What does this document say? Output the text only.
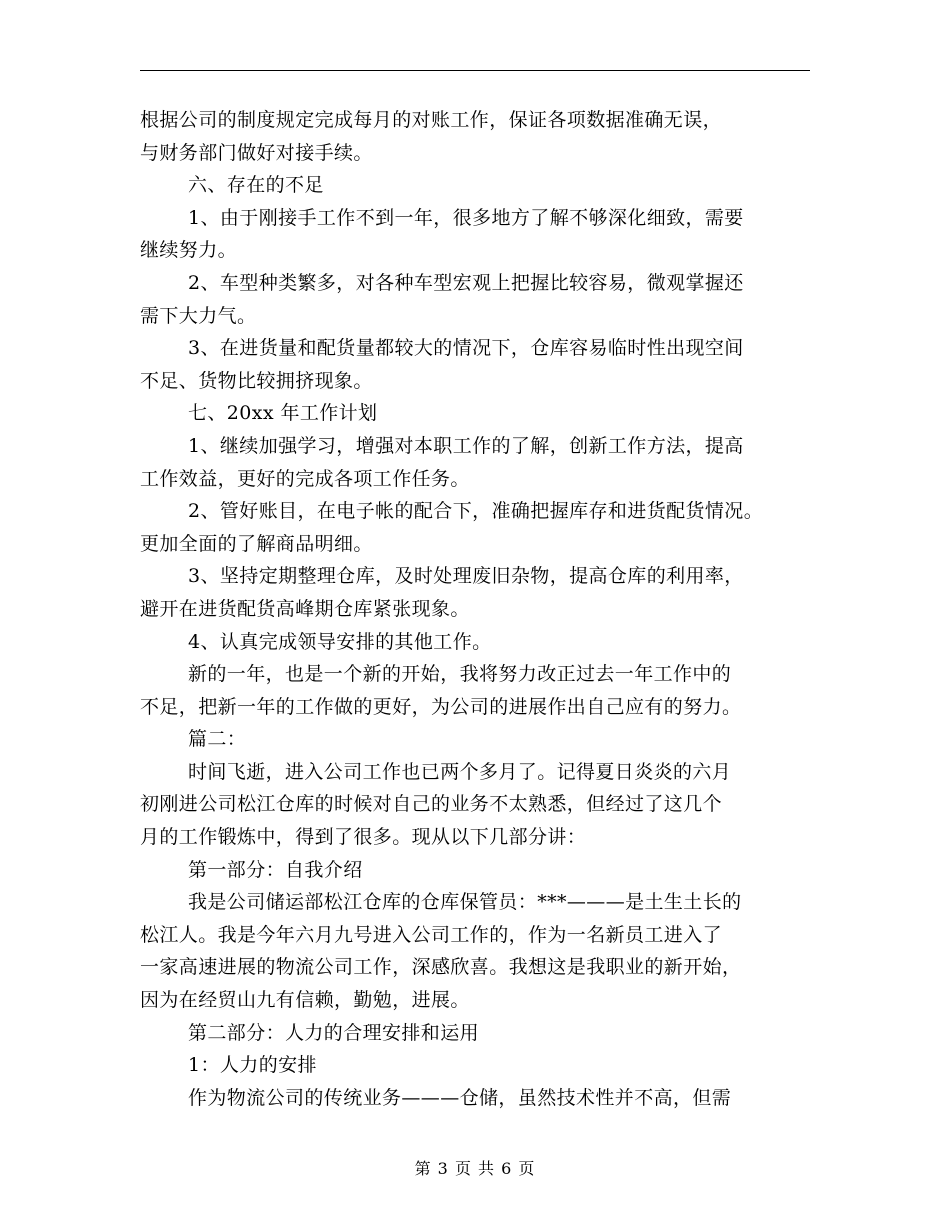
根据公司的制度规定完成每月的对账工作，保证各项数据准确无误，
与财务部门做好对接手续。
六、存在的不足
1、由于刚接手工作不到一年，很多地方了解不够深化细致，需要
继续努力。
2、车型种类繁多，对各种车型宏观上把握比较容易，微观掌握还
需下大力气。
3、在进货量和配货量都较大的情况下，仓库容易临时性出现空间
不足、货物比较拥挤现象。
七、20xx 年工作计划
1、继续加强学习，增强对本职工作的了解，创新工作方法，提高
工作效益，更好的完成各项工作任务。
2、管好账目，在电子帐的配合下，准确把握库存和进货配货情况。
更加全面的了解商品明细。
3、坚持定期整理仓库，及时处理废旧杂物，提高仓库的利用率，
避开在进货配货高峰期仓库紧张现象。
4、认真完成领导安排的其他工作。
新的一年，也是一个新的开始，我将努力改正过去一年工作中的
不足，把新一年的工作做的更好，为公司的进展作出自己应有的努力。
篇二：
时间飞逝，进入公司工作也已两个多月了。记得夏日炎炎的六月
初刚进公司松江仓库的时候对自己的业务不太熟悉，但经过了这几个
月的工作锻炼中，得到了很多。现从以下几部分讲：
第一部分：自我介绍
我是公司储运部松江仓库的仓库保管员：***———是土生土长的
松江人。我是今年六月九号进入公司工作的，作为一名新员工进入了
一家高速进展的物流公司工作，深感欣喜。我想这是我职业的新开始，
因为在经贸山九有信赖，勤勉，进展。
第二部分：人力的合理安排和运用
1：人力的安排
作为物流公司的传统业务———仓储，虽然技术性并不高，但需
第 3 页 共 6 页
